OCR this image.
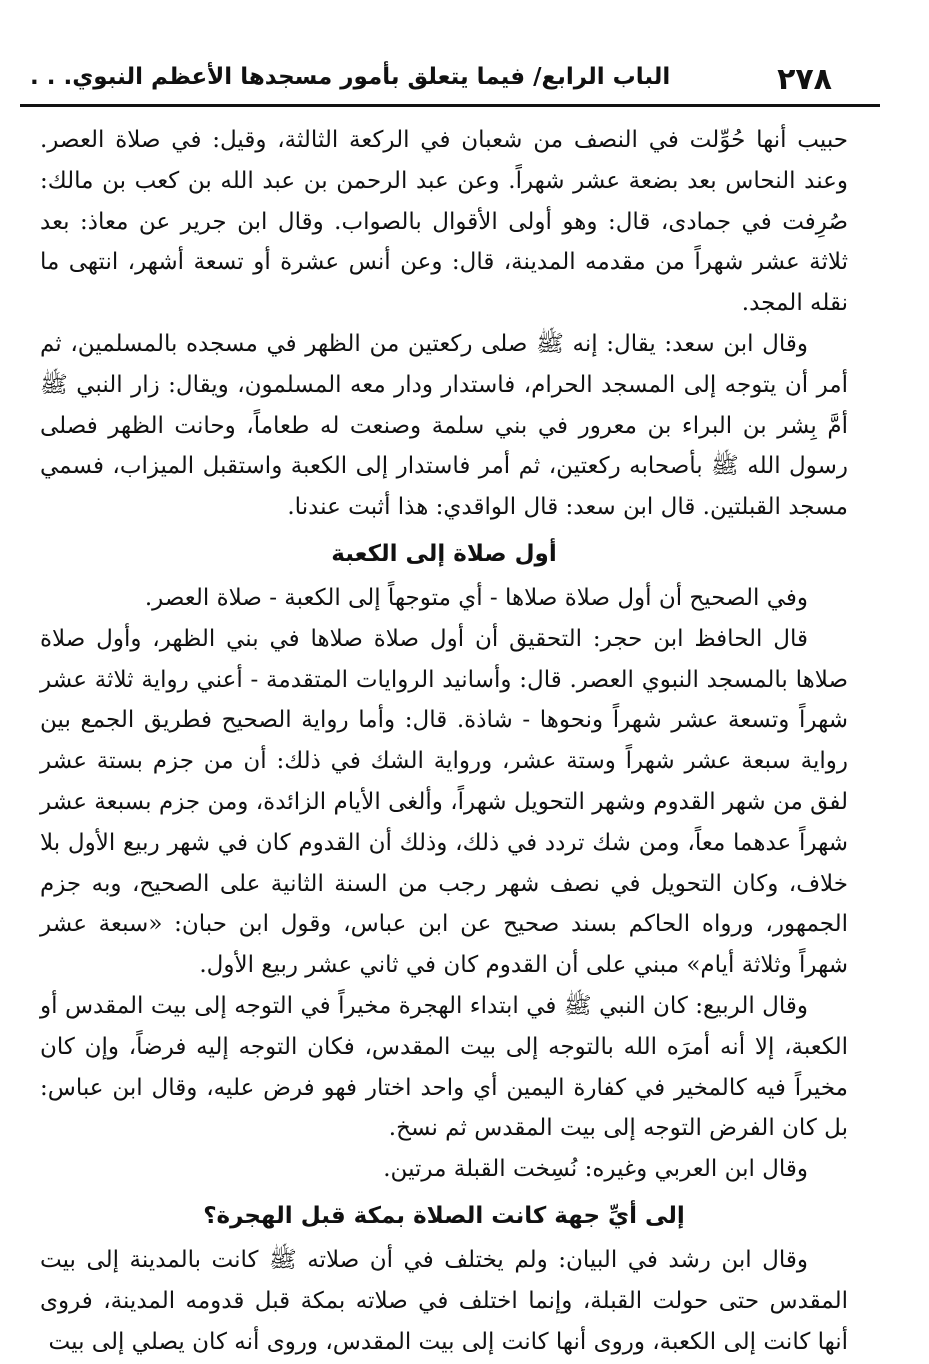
٢٧٨
الباب الرابع/ فيما يتعلق بأمور مسجدها الأعظم النبوي. . .

حبيب أنها حُوِّلت في النصف من شعبان في الركعة الثالثة، وقيل: في صلاة العصر. وعند النحاس بعد بضعة عشر شهراً. وعن عبد الرحمن بن عبد الله بن كعب بن مالك: صُرِفت في جمادى، قال: وهو أولى الأقوال بالصواب. وقال ابن جرير عن معاذ: بعد ثلاثة عشر شهراً من مقدمه المدينة، قال: وعن أنس عشرة أو تسعة أشهر، انتهى ما نقله المجد.

وقال ابن سعد: يقال: إنه ﷺ صلى ركعتين من الظهر في مسجده بالمسلمين، ثم أمر أن يتوجه إلى المسجد الحرام، فاستدار ودار معه المسلمون، ويقال: زار النبي ﷺ أمَّ بِشر بن البراء بن معرور في بني سلمة وصنعت له طعاماً، وحانت الظهر فصلى رسول الله ﷺ بأصحابه ركعتين، ثم أمر فاستدار إلى الكعبة واستقبل الميزاب، فسمي مسجد القبلتين. قال ابن سعد: قال الواقدي: هذا أثبت عندنا.

أول صلاة إلى الكعبة

وفي الصحيح أن أول صلاة صلاها - أي متوجهاً إلى الكعبة - صلاة العصر.

قال الحافظ ابن حجر: التحقيق أن أول صلاة صلاها في بني الظهر، وأول صلاة صلاها بالمسجد النبوي العصر. قال: وأسانيد الروايات المتقدمة - أعني رواية ثلاثة عشر شهراً وتسعة عشر شهراً ونحوها - شاذة. قال: وأما رواية الصحيح فطريق الجمع بين رواية سبعة عشر شهراً وستة عشر، ورواية الشك في ذلك: أن من جزم بستة عشر لفق من شهر القدوم وشهر التحويل شهراً، وألغى الأيام الزائدة، ومن جزم بسبعة عشر شهراً عدهما معاً، ومن شك تردد في ذلك، وذلك أن القدوم كان في شهر ربيع الأول بلا خلاف، وكان التحويل في نصف شهر رجب من السنة الثانية على الصحيح، وبه جزم الجمهور، ورواه الحاكم بسند صحيح عن ابن عباس، وقول ابن حبان: «سبعة عشر شهراً وثلاثة أيام» مبني على أن القدوم كان في ثاني عشر ربيع الأول.

وقال الربيع: كان النبي ﷺ في ابتداء الهجرة مخيراً في التوجه إلى بيت المقدس أو الكعبة، إلا أنه أمرَه الله بالتوجه إلى بيت المقدس، فكان التوجه إليه فرضاً، وإن كان مخيراً فيه كالمخير في كفارة اليمين أي واحد اختار فهو فرض عليه، وقال ابن عباس: بل كان الفرض التوجه إلى بيت المقدس ثم نسخ.

وقال ابن العربي وغيره: نُسِخت القبلة مرتين.

إلى أيِّ جهة كانت الصلاة بمكة قبل الهجرة؟

وقال ابن رشد في البيان: ولم يختلف في أن صلاته ﷺ كانت بالمدينة إلى بيت المقدس حتى حولت القبلة، وإنما اختلف في صلاته بمكة قبل قدومه المدينة، فروى أنها كانت إلى الكعبة، وروى أنها كانت إلى بيت المقدس، وروى أنه كان يصلي إلى بيت
